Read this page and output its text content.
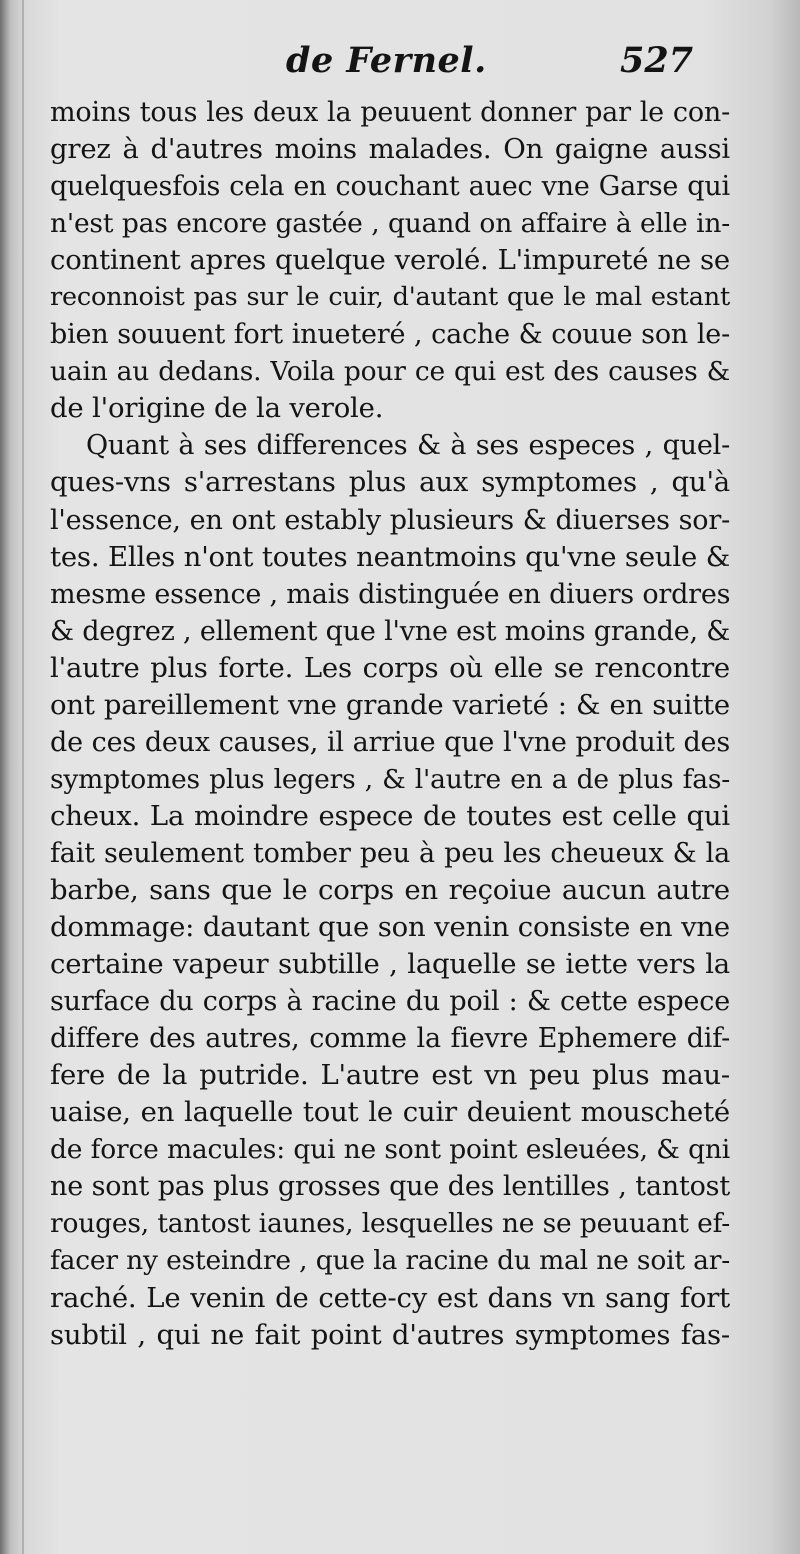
de Fernel.	527
moins tous les deux la peuuent donner par le con-
grez à d'autres moins malades. On gaigne aussi
quelquesfois cela en couchant auec vne Garse qui
n'est pas encore gastée , quand on affaire à elle in-
continent apres quelque verolé. L'impureté ne se
reconnoist pas sur le cuir, d'autant que le mal estant
bien souuent fort inueteré , cache & couue son le-
uain au dedans. Voila pour ce qui est des causes &
de l'origine de la verole.
Quant à ses differences & à ses especes , quel-
ques-vns s'arrestans plus aux symptomes , qu'à
l'essence, en ont estably plusieurs & diuerses sor-
tes. Elles n'ont toutes neantmoins qu'vne seule &
mesme essence , mais distinguée en diuers ordres
& degrez , ellement que l'vne est moins grande, &
l'autre plus forte. Les corps où elle se rencontre
ont pareillement vne grande varieté : & en suitte
de ces deux causes, il arriue que l'vne produit des
symptomes plus legers , & l'autre en a de plus fas-
cheux. La moindre espece de toutes est celle qui
fait seulement tomber peu à peu les cheueux & la
barbe, sans que le corps en reçoiue aucun autre
dommage: dautant que son venin consiste en vne
certaine vapeur subtille , laquelle se iette vers la
surface du corps à racine du poil : & cette espece
differe des autres, comme la fievre Ephemere dif-
fere de la putride. L'autre est vn peu plus mau-
uaise, en laquelle tout le cuir deuient mouscheté
de force macules: qui ne sont point esleuées, & qni
ne sont pas plus grosses que des lentilles , tantost
rouges, tantost iaunes, lesquelles ne se peuuant ef-
facer ny esteindre , que la racine du mal ne soit ar-
raché. Le venin de cette-cy est dans vn sang fort
subtil , qui ne fait point d'autres symptomes fas-
